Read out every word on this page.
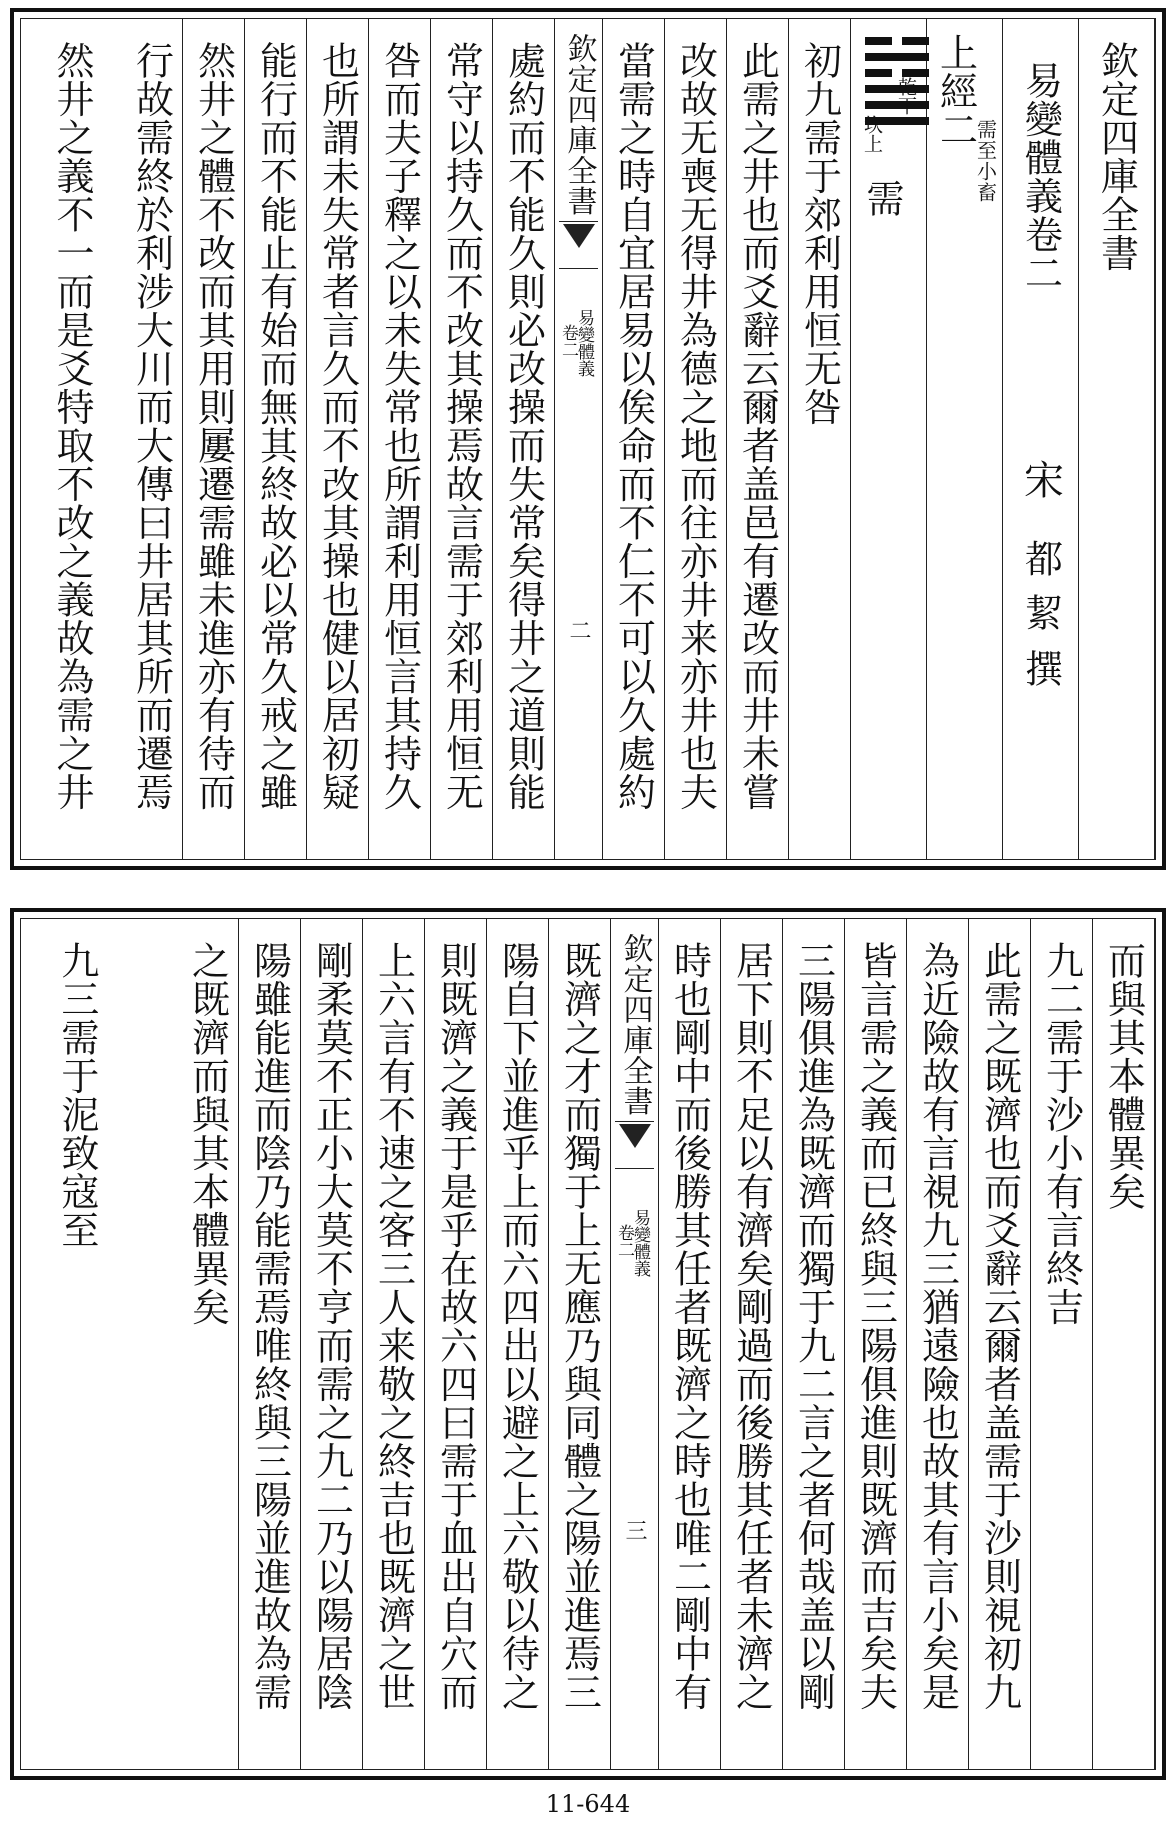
欽定四庫全書
易變體義卷二
宋
都絜
撰
上經二
需至小畜
乾下
坎上
需
初九需于郊利用恒无咎
此需之井也而爻辭云爾者盖邑有遷改而井未嘗
改故无喪无得井為德之地而往亦井来亦井也夫
當需之時自宜居易以俟命而不仁不可以久處約
欽定四庫全書
易變體義
卷二
二
處約而不能久則必改操而失常矣得井之道則能
常守以持久而不改其操焉故言需于郊利用恒无
咎而夫子釋之以未失常也所謂利用恒言其持久
也所謂未失常者言久而不改其操也健以居初疑
能行而不能止有始而無其終故必以常久戒之雖
然井之體不改而其用則屢遷需雖未進亦有待而
行故需終於利涉大川而大傳曰井居其所而遷焉
然井之義不一而是爻特取不改之義故為需之井
而與其本體異矣
九二需于沙小有言終吉
此需之既濟也而爻辭云爾者盖需于沙則視初九
為近險故有言視九三猶遠險也故其有言小矣是
皆言需之義而已終與三陽俱進則既濟而吉矣夫
三陽俱進為既濟而獨于九二言之者何哉盖以剛
居下則不足以有濟矣剛過而後勝其任者未濟之
時也剛中而後勝其任者既濟之時也唯二剛中有
欽定四庫全書
易變體義
卷二
三
既濟之才而獨于上无應乃與同體之陽並進焉三
陽自下並進乎上而六四出以避之上六敬以待之
則既濟之義于是乎在故六四曰需于血出自穴而
上六言有不速之客三人来敬之終吉也既濟之世
剛柔莫不正小大莫不亨而需之九二乃以陽居陰
陽雖能進而陰乃能需焉唯終與三陽並進故為需
之既濟而與其本體異矣
九三需于泥致寇至
11-644
